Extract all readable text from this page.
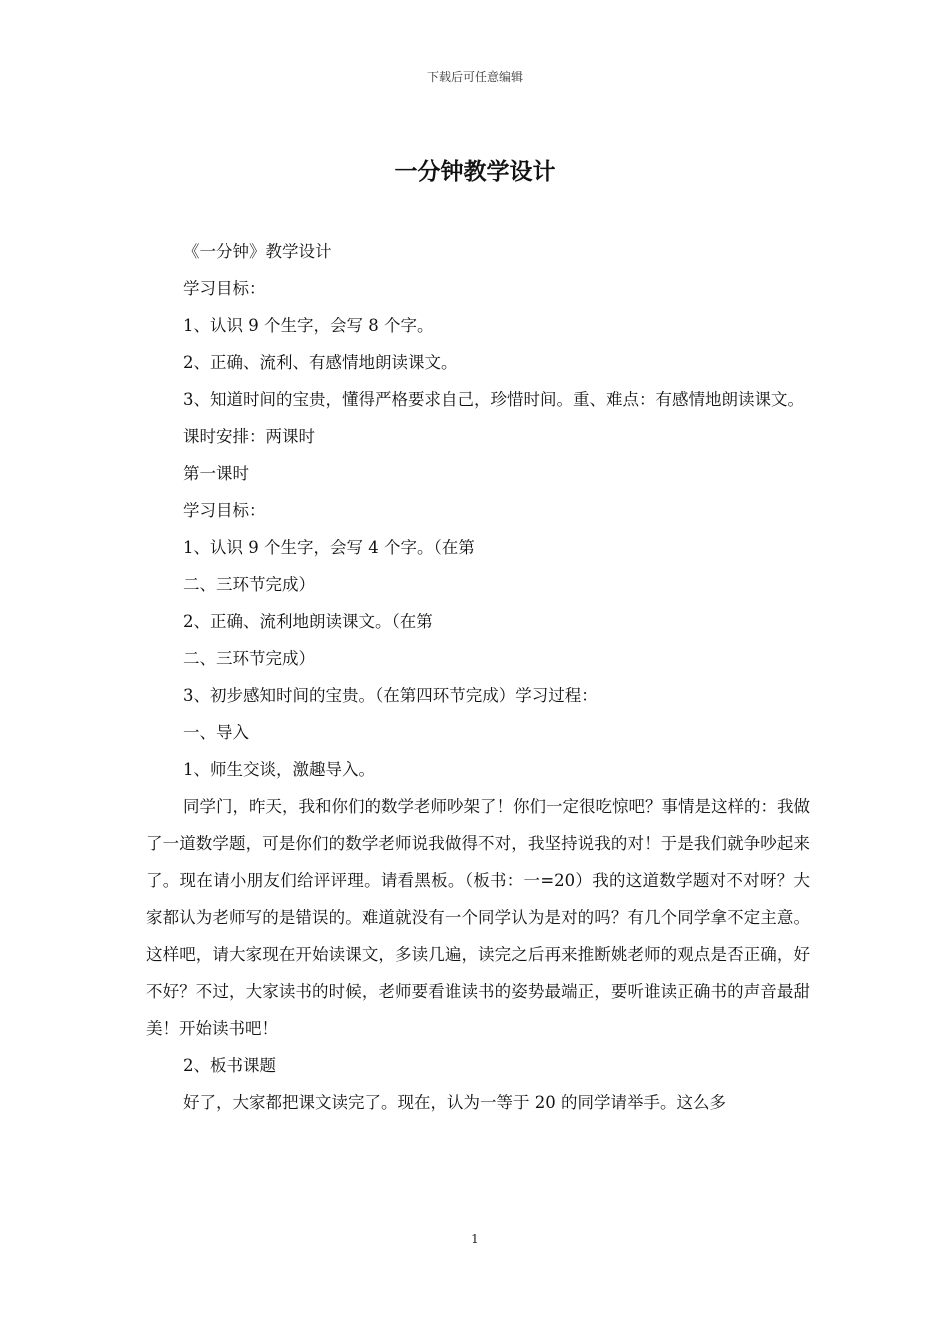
下载后可任意编辑
一分钟教学设计

《一分钟》教学设计

学习目标：

1、认识 9 个生字，会写 8 个字。

2、正确、流利、有感情地朗读课文。

3、知道时间的宝贵，懂得严格要求自己，珍惜时间。重、难点：有感情地朗读课文。

课时安排：两课时

第一课时

学习目标：

1、认识 9 个生字，会写 4 个字。（在第

二、三环节完成）

2、正确、流利地朗读课文。（在第

二、三环节完成）

3、初步感知时间的宝贵。（在第四环节完成）学习过程：

一、导入

1、师生交谈，激趣导入。

同学门，昨天，我和你们的数学老师吵架了！你们一定很吃惊吧？事情是这样的：我做了一道数学题，可是你们的数学老师说我做得不对，我坚持说我的对！于是我们就争吵起来了。现在请小朋友们给评评理。请看黑板。（板书：一=20）我的这道数学题对不对呀？大家都认为老师写的是错误的。难道就没有一个同学认为是对的吗？有几个同学拿不定主意。这样吧，请大家现在开始读课文，多读几遍，读完之后再来推断姚老师的观点是否正确，好不好？不过，大家读书的时候，老师要看谁读书的姿势最端正，要听谁读正确书的声音最甜美！开始读书吧！

2、板书课题

好了，大家都把课文读完了。现在，认为一等于 20 的同学请举手。这么多

1
